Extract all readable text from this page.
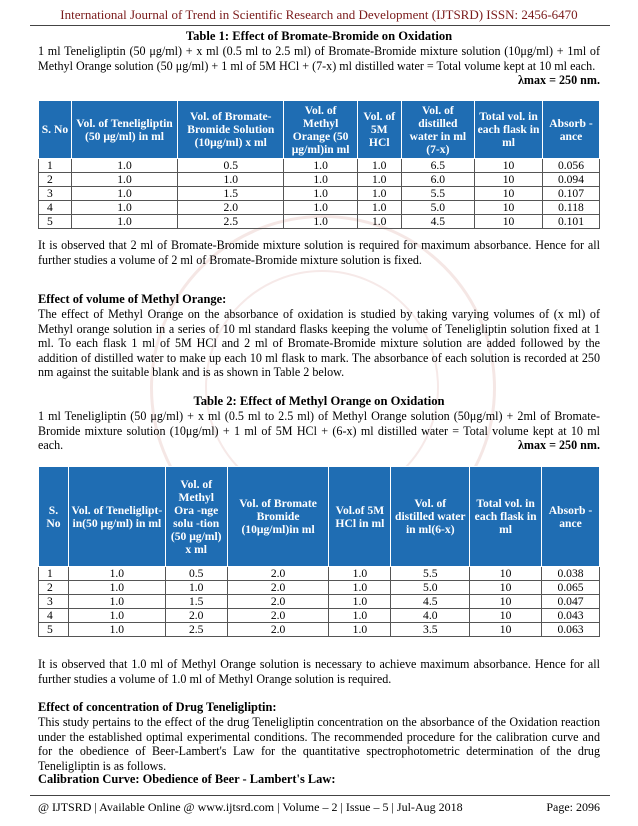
International Journal of Trend in Scientific Research and Development (IJTSRD) ISSN: 2456-6470
Table 1: Effect of Bromate-Bromide on Oxidation
1 ml Teneligliptin (50 μg/ml) + x ml (0.5 ml to 2.5 ml) of Bromate-Bromide mixture solution (10μg/ml) + 1ml of Methyl Orange solution (50 μg/ml) + 1 ml of 5M HCl + (7-x) ml distilled water = Total volume kept at 10 ml each.
λmax = 250 nm.
S. No	Vol. of Teneligliptin (50 μg/ml) in ml	Vol. of Bromate-Bromide Solution (10μg/ml) x ml	Vol. of Methyl Orange (50 μg/ml)in ml	Vol. of 5M HCl	Vol. of distilled water in ml (7-x)	Total vol. in each flask in ml	Absorb -ance
1	1.0	0.5	1.0	1.0	6.5	10	0.056
2	1.0	1.0	1.0	1.0	6.0	10	0.094
3	1.0	1.5	1.0	1.0	5.5	10	0.107
4	1.0	2.0	1.0	1.0	5.0	10	0.118
5	1.0	2.5	1.0	1.0	4.5	10	0.101
It is observed that 2 ml of Bromate-Bromide mixture solution is required for maximum absorbance. Hence for all further studies a volume of 2 ml of Bromate-Bromide mixture solution is fixed.
Effect of volume of Methyl Orange:
The effect of Methyl Orange on the absorbance of oxidation is studied by taking varying volumes of (x ml) of Methyl orange solution in a series of 10 ml standard flasks keeping the volume of Teneligliptin solution fixed at 1 ml. To each flask 1 ml of 5M HCl and 2 ml of Bromate-Bromide mixture solution are added followed by the addition of distilled water to make up each 10 ml flask to mark. The absorbance of each solution is recorded at 250 nm against the suitable blank and is as shown in Table 2 below.
Table 2: Effect of Methyl Orange on Oxidation
1 ml Teneligliptin (50 μg/ml) + x ml (0.5 ml to 2.5 ml) of Methyl Orange solution (50μg/ml) + 2ml of Bromate-Bromide mixture solution (10μg/ml) + 1 ml of 5M HCl + (6-x) ml distilled water = Total volume kept at 10 ml each.	λmax = 250 nm.
S. No	Vol. of Teneliglipt-in(50 μg/ml) in ml	Vol. of Methyl Ora -nge solu -tion (50 μg/ml) x ml	Vol. of Bromate Bromide (10μg/ml)in ml	Vol.of 5M HCl in ml	Vol. of distilled water in ml(6-x)	Total vol. in each flask in ml	Absorb -ance
1	1.0	0.5	2.0	1.0	5.5	10	0.038
2	1.0	1.0	2.0	1.0	5.0	10	0.065
3	1.0	1.5	2.0	1.0	4.5	10	0.047
4	1.0	2.0	2.0	1.0	4.0	10	0.043
5	1.0	2.5	2.0	1.0	3.5	10	0.063
It is observed that 1.0 ml of Methyl Orange solution is necessary to achieve maximum absorbance. Hence for all further studies a volume of 1.0 ml of Methyl Orange solution is required.
Effect of concentration of Drug Teneligliptin:
This study pertains to the effect of the drug Teneligliptin concentration on the absorbance of the Oxidation reaction under the established optimal experimental conditions. The recommended procedure for the calibration curve and for the obedience of Beer-Lambert's Law for the quantitative spectrophotometric determination of the drug Teneligliptin is as follows.
Calibration Curve: Obedience of Beer - Lambert's Law:
@ IJTSRD | Available Online @ www.ijtsrd.com | Volume – 2 | Issue – 5 | Jul-Aug 2018	Page: 2096
